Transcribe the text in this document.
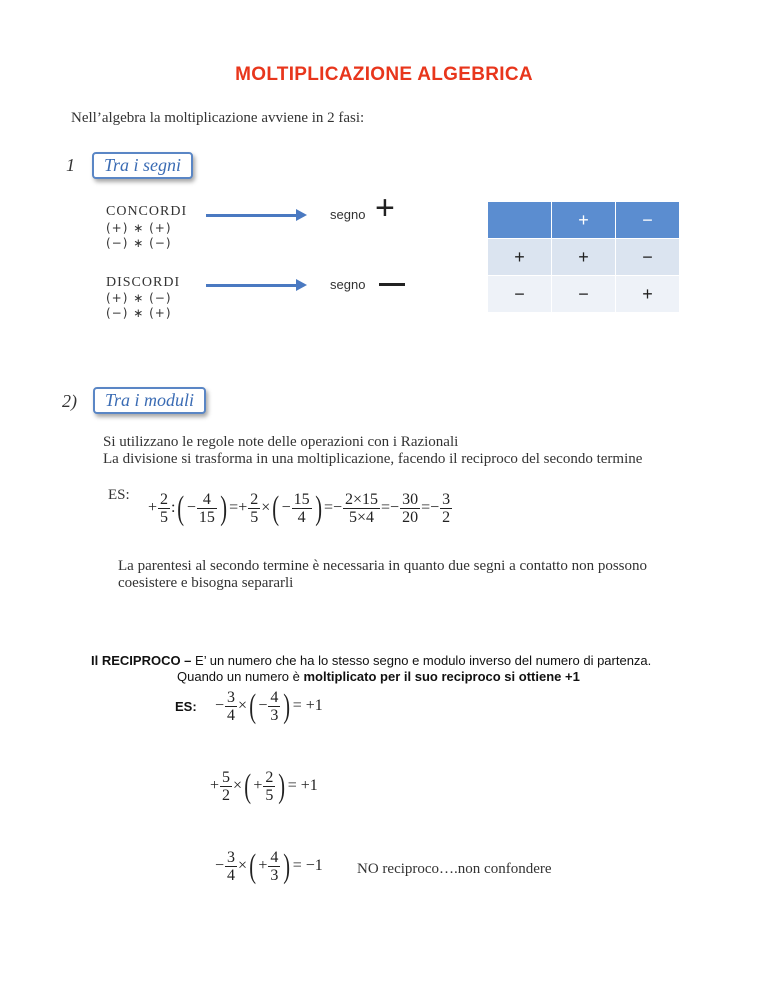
MOLTIPLICAZIONE ALGEBRICA
Nell’algebra la moltiplicazione avviene in 2 fasi:
1	Tra i segni
CONCORDI
(+) ∗ (+)
(−) ∗ (−)
segno +
DISCORDI
(+) ∗ (−)
(−) ∗ (+)
segno
	+	−
+	+	−
−	−	+
2)	Tra i moduli
Si utilizzano le regole note delle operazioni con i Razionali
La divisione si trasforma in una moltiplicazione, facendo il reciproco del secondo termine
ES:
+ $\frac{2}{5}$ :( − $\frac{4}{15}$ ) =+ $\frac{2}{5}$ ×( − $\frac{15}{4}$ ) =− $\frac{2\times 15}{5\times 4} =- \frac{30}{20} =- \frac{3}{2}$
La parentesi al secondo termine è necessaria in quanto due segni a contatto non possono
coesistere e bisogna separarli
Il RECIPROCO – E’ un numero che ha lo stesso segno e modulo inverso del numero di partenza.
Quando un numero è moltiplicato per il suo reciproco si ottiene +1
ES: − $\frac{3}{4}$ ×( − $\frac{4}{3}$ ) = +1
+ $\frac{5}{2}$ ×( + $\frac{2}{5}$ ) = +1
− $\frac{3}{4}$ ×( + $\frac{4}{3}$ ) = −1 NO reciproco….non confondere
